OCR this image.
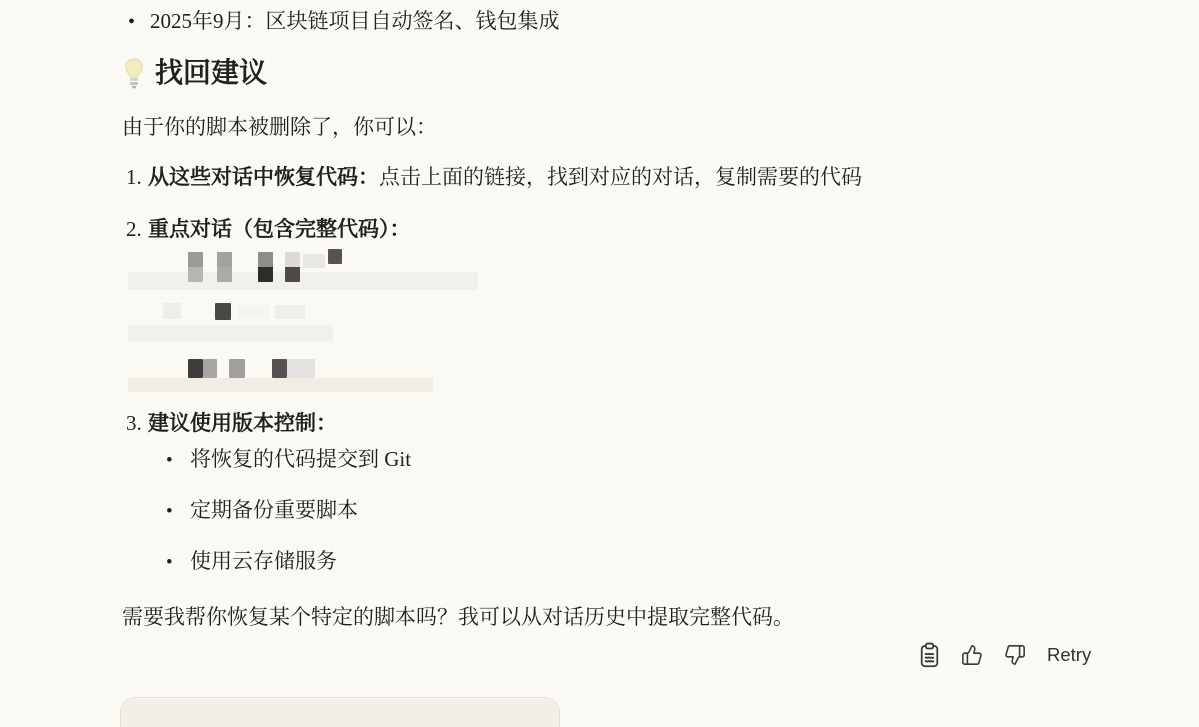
• 2025年9月：区块链项目自动签名、钱包集成
找回建议
由于你的脚本被删除了，你可以：
1. 从这些对话中恢复代码：点击上面的链接，找到对应的对话，复制需要的代码
2. 重点对话（包含完整代码）：
3. 建议使用版本控制：
• 将恢复的代码提交到 Git
• 定期备份重要脚本
• 使用云存储服务
需要我帮你恢复某个特定的脚本吗？我可以从对话历史中提取完整代码。
Retry
